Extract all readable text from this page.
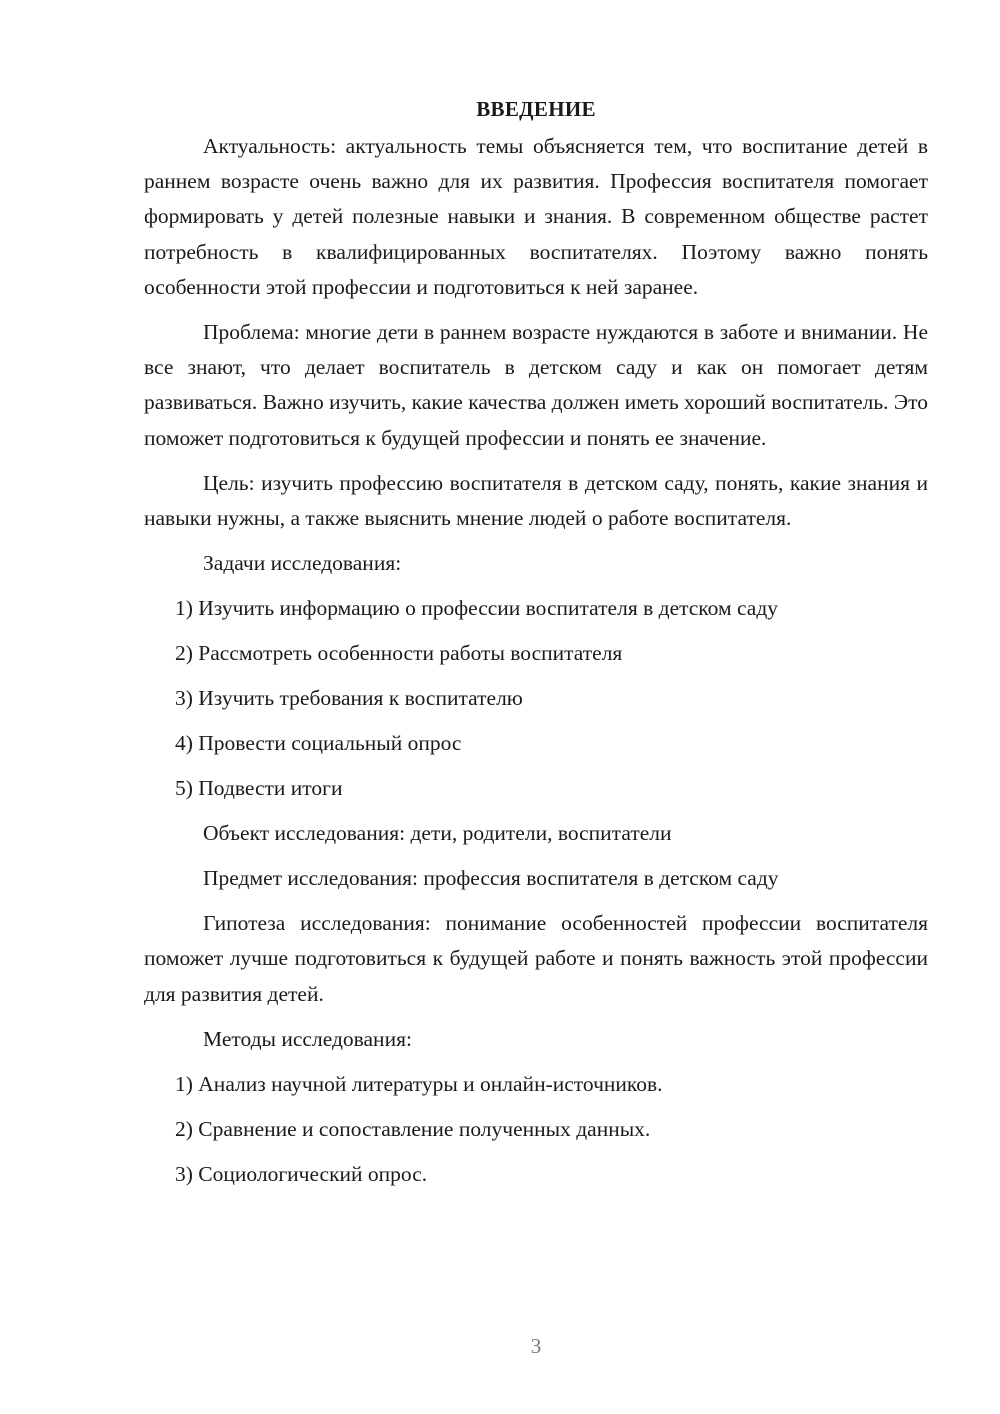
ВВЕДЕНИЕ

Актуальность: актуальность темы объясняется тем, что воспитание детей в раннем возрасте очень важно для их развития. Профессия воспитателя помогает формировать у детей полезные навыки и знания. В современном обществе растет потребность в квалифицированных воспитателях. Поэтому важно понять особенности этой профессии и подготовиться к ней заранее.

Проблема: многие дети в раннем возрасте нуждаются в заботе и внимании. Не все знают, что делает воспитатель в детском саду и как он помогает детям развиваться. Важно изучить, какие качества должен иметь хороший воспитатель. Это поможет подготовиться к будущей профессии и понять ее значение.

Цель: изучить профессию воспитателя в детском саду, понять, какие знания и навыки нужны, а также выяснить мнение людей о работе воспитателя.

Задачи исследования:

1) Изучить информацию о профессии воспитателя в детском саду

2) Рассмотреть особенности работы воспитателя

3) Изучить требования к воспитателю

4) Провести социальный опрос

5) Подвести итоги

Объект исследования: дети, родители, воспитатели

Предмет исследования: профессия воспитателя в детском саду

Гипотеза исследования: понимание особенностей профессии воспитателя поможет лучше подготовиться к будущей работе и понять важность этой профессии для развития детей.

Методы исследования:

1) Анализ научной литературы и онлайн-источников.

2) Сравнение и сопоставление полученных данных.

3) Социологический опрос.

3
